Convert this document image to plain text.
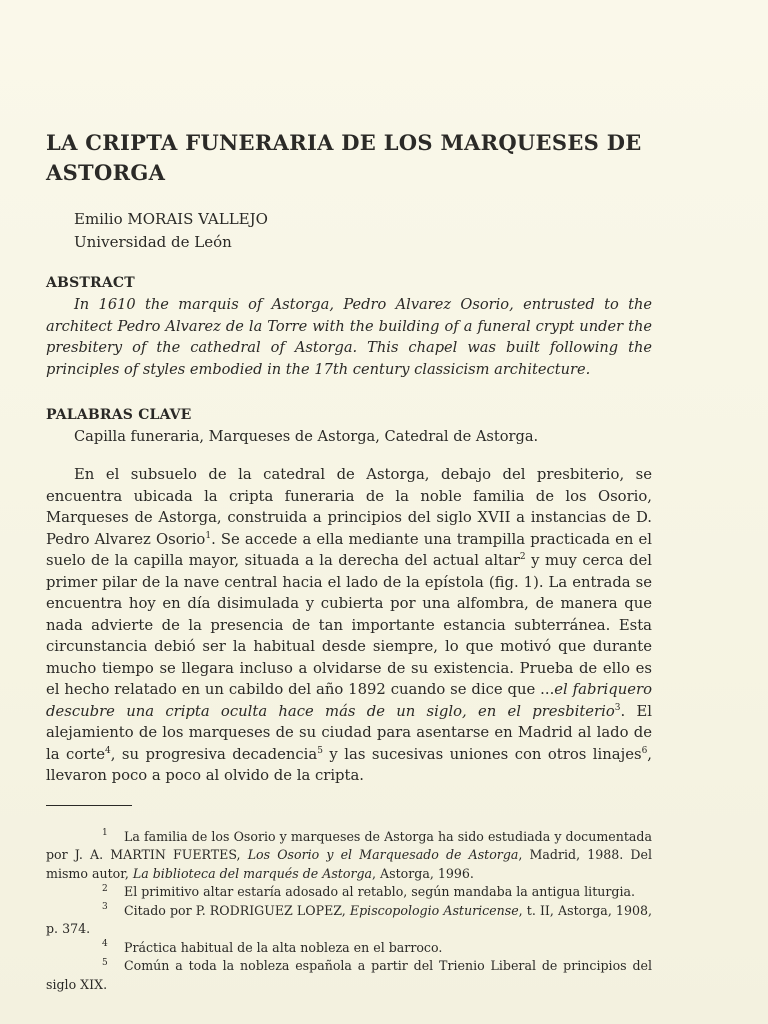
LA CRIPTA FUNERARIA DE LOS MARQUESES DE
ASTORGA
Emilio MORAIS VALLEJO
Universidad de León

ABSTRACT

In 1610 the marquis of Astorga, Pedro Alvarez Osorio, entrusted to the architect Pedro Alvarez de la Torre with the building of a funeral crypt under the presbitery of the cathedral of Astorga. This chapel was built following the principles of styles embodied in the 17th century classicism architecture.

PALABRAS CLAVE

Capilla funeraria, Marqueses de Astorga, Catedral de Astorga.

En el subsuelo de la catedral de Astorga, debajo del presbiterio, se encuentra ubicada la cripta funeraria de la noble familia de los Osorio, Marqueses de Astorga, construida a principios del siglo XVII a instancias de D. Pedro Alvarez Osorio$^1$. Se accede a ella mediante una trampilla practicada en el suelo de la capilla mayor, situada a la derecha del actual altar$^2$ y muy cerca del primer pilar de la nave central hacia el lado de la epístola (fig. 1). La entrada se encuentra hoy en día disimulada y cubierta por una alfombra, de manera que nada advierte de la presencia de tan importante estancia subterránea. Esta circunstancia debió ser la habitual desde siempre, lo que motivó que durante mucho tiempo se llegara incluso a olvidarse de su existencia. Prueba de ello es el hecho relatado en un cabildo del año 1892 cuando se dice que ...el fabriquero descubre una cripta oculta hace más de un siglo, en el presbiterio$^3$. El alejamiento de los marqueses de su ciudad para asentarse en Madrid al lado de la corte$^4$, su progresiva decadencia$^5$ y las sucesivas uniones con otros linajes$^6$, llevaron poco a poco al olvido de la cripta.

1 La familia de los Osorio y marqueses de Astorga ha sido estudiada y documentada por J. A. MARTIN FUERTES, Los Osorio y el Marquesado de Astorga, Madrid, 1988. Del mismo autor, La biblioteca del marqués de Astorga, Astorga, 1996.

2 El primitivo altar estaría adosado al retablo, según mandaba la antigua liturgia.

3 Citado por P. RODRIGUEZ LOPEZ, Episcopologio Asturicense, t. II, Astorga, 1908, p. 374.

4 Práctica habitual de la alta nobleza en el barroco.

5 Común a toda la nobleza española a partir del Trienio Liberal de principios del siglo XIX.
